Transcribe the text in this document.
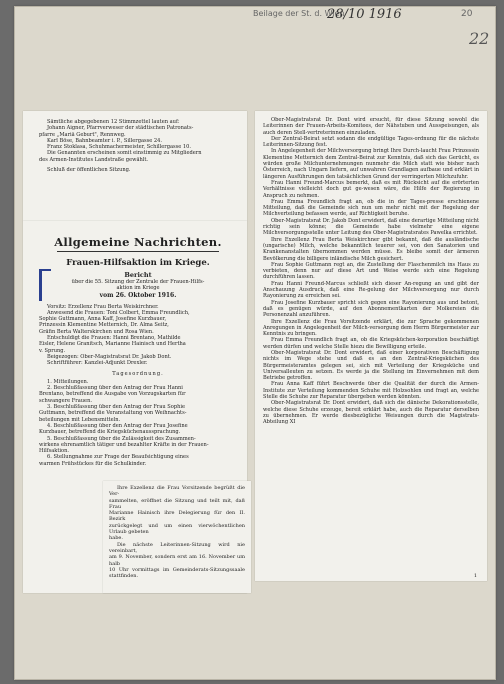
Beilage der St. d. Wien
28/10 1916	20
22

Sämtliche abgegebenen 12 Stimmzettel lauten auf:

Johann Aigner, Pfarrverweser der städtischen Patronats-

pfarre „Mariä Geburt", Rennweg.

Karl Böse, Bahnbeamter i. P., Sillergasse 24.

Franz Stoklasa, Schuhmachermeister, Schillergasse 10.

Die Genannten erscheinen somit einstimmig zu Mitgliedern

des Armen-Institutes Landstraße gewählt.

Schluß der öffentlichen Sitzung.

Allgemeine Nachrichten.
Frauen-Hilfsaktion im Kriege.
Bericht

über die 55. Sitzung der Zentrale der Frauen-Hilfs-

aktion im Kriege

vom 26. Oktober 1916.

Vorsitz: Erzellenz Frau Berta Weiskirchner.

Anwesend die Frauen: Toni Colbert, Emma Freundlich,

Sophie Guttmann, Anna Kaff, Josefine Kurzbauer,

Prinzessin Klementine Metternich, Dr. Alma Seitz,

Gräfin Berta Walterskirchen und Rosa Wien.

Entschuldigt die Frauen: Hanni Brentano, Mathilde

Eisler, Helene Granitsch, Marianne Hainisch und Hertha

v. Sprung.

Beigezogen: Ober-Magistratsrat Dr. Jakob Dont.

Schriftführer: Kanzlei-Adjunkt Drexler.

Tagesordnung.

1. Mitteilungen.

2. Beschlußfassung über den Antrag der Frau Hanni

Brentano, betreffend die Ausgabe von Vorzugskarten für

schwangere Frauen.

3. Beschlußfassung über den Antrag der Frau Sophie

Guttmann, betreffend die Veranstaltung von Weihnachts-

beteilungen mit Lebensmitteln.

4. Beschlußfassung über den Antrag der Frau Josefine

Kurzbauer, betreffend die Kriegsküchenaussprachung.

5. Beschlußfassung über die Zulässigkeit des Zusammen-

wirkens ehrenamtlich tätiger und bezahlter Kräfte in der Frauen-

Hilfsaktion.

6. Stellungnahme zur Frage der Beaufsichtigung eines

warmen Frühstückes für die Schulkinder.

Ihre Exzellenz die Frau Vorsitzende begrüßt die Ver-

sammelten, eröffnet die Sitzung und teilt mit, daß Frau

Marianne Hainisch ihre Delegierung für den II. Bezirk

zurückgelegt und um einen vierwöchentlichen Urlaub gebeten

habe.

Die nächste Leiterinnen-Sitzung wird nie vereinbart,

am 9. November, sondern erst am 16. November um halb

10 Uhr vormittags im Gemeinderats-Sitzungssaale stattfinden.

Ober-Magistratsrat Dr. Dont wird ersucht, für diese Sitzung sowohl die Leiterinnen der Frauen-Arbeits-Komitees, der Nähstuben und Ausspeisungen, als auch deren Stell-vertreterinnen einzuladen.

Der Zentral-Beirat setzt sodann die endgültige Tages-ordnung für die nächste Leiterinnen-Sitzung fest.

In Angelegenheit der Milchversorgung bringt Ihre Durch-laucht Frau Prinzessin Klementine Metternich dem Zentral-Beirat zur Kenntnis, daß sich das Gerücht, es würden große Milchunternehmungen nunmehr die Milch statt wie bisher nach Österreich, nach Ungarn liefern, auf unwahren Grundlagen aufbaue und erklärt in längeren Ausführungen den tatsächlichen Grund der verringerten Milchzufuhr.

Frau Hanni Freund-Marcus bemerkt, daß es mit Rücksicht auf die erörterten Verhältnisse vielleicht doch gut ge-wesen wäre, die Hilfe der Regierung in Anspruch zu nehmen.

Frau Emma Freundlich fragt an, ob die in der Tages-presse erschienene Mitteilung, daß die Gemeinde sich nun um mehr nicht mit der Regelung der Milchverteilung befassen werde, auf Richtigkeit beruhe.

Ober-Magistratsrat Dr. Jakob Dont erwidert, daß eine derartige Mitteilung nicht richtig sein könne; die Gemeinde habe vielmehr eine eigene Milchversorgungsstelle unter Leitung des Ober-Magistratsrates Pawelka errichtet.

Ihre Exzellenz Frau Berta Weiskirchner gibt bekannt, daß die ausländische (ungarische) Milch, welche bekanntlich teuerer sei, von den Sanatorien und Krankenanstalten übernommen werden müsse. Es bleibe somit der ärmeren Bevölkerung die billigere inländische Milch gesichert.

Frau Sophie Guttmann regt an, die Zustellung der Flaschenmilch ins Haus zu verbieten, denn nur auf diese Art und Weise werde sich eine Regelung durchführen lassen.

Frau Hanni Freund-Marcus schließt sich dieser An-regung an und gibt der Anschauung Ausdruck, daß eine Re-gelung der Milchversorgung nur durch Rayonierung zu erreichen sei.

Frau Josefine Kurzbauer spricht sich gegen eine Rayonierung aus und betont, daß es genügen würde, auf den Abonnementkarten der Molkereien die Personenzahl anzuführen.

Ihre Exzellenz die Frau Vorsitzende erklärt, die zur Sprache gekommenen Anregungen in Angelegenheit der Milch-versorgung dem Herrn Bürgermeister zur Kenntnis zu bringen.

Frau Emma Freundlich fragt an, ob die Kriegsküchen-korporation beschäftigt werden dürfen und welche Stelle hiezu die Bewilligung erteile.

Ober-Magistratsrat Dr. Dont erwidert, daß einer korporativen Beschäftigung nichts im Wege stehe und daß es an den Zentral-Kriegsküchen des Bürgermeisteramtes gelegen sei, sich mit Verteilung der Kriegsküche und Universalleuten zu setzen. Es werde ja die Stellung im Einvernehmen mit dem Betriebe getroffen.

Frau Anna Kaff führt Beschwerde über die Qualität der durch die Armen-Institute zur Verteilung kommenden Schuhe mit Holzsohlen und fragt an, welche Stelle die Schuhe zur Reparatur übergeben werden könnten.

Ober-Magistratsrat Dr. Dont erwidert, daß sich die dänische Dekorationsstelle, welche diese Schuhe erzeuge, bereit erklärt habe, auch die Reparatur derselben zu übernehmen. Er werde diesbezügliche Weisungen durch die Magistrats-Abteilung XI

1
